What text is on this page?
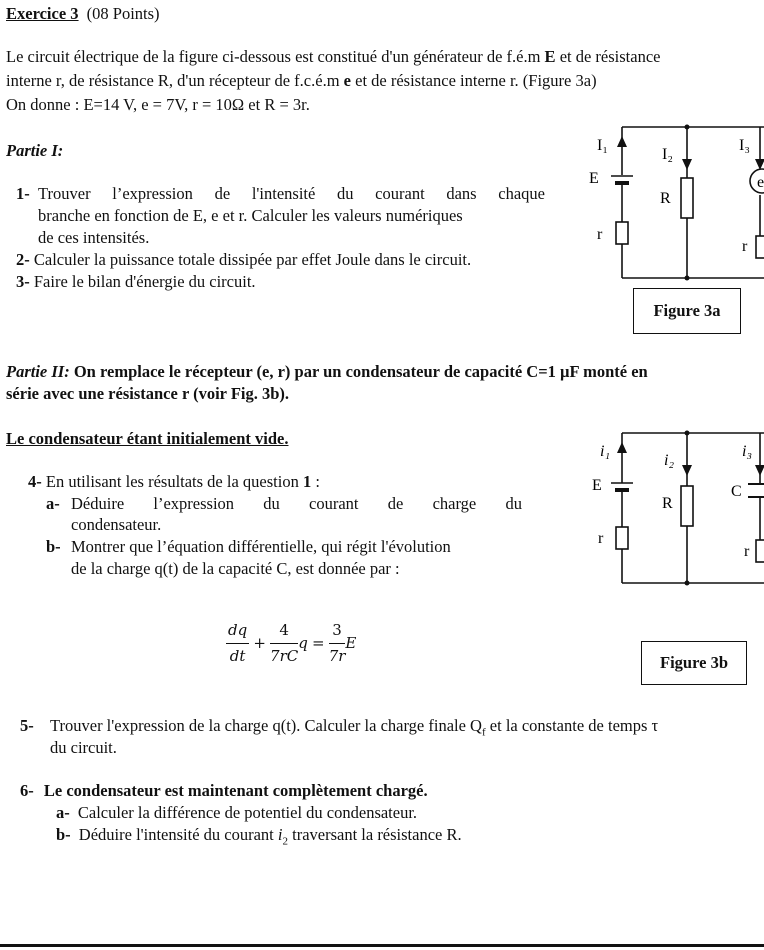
Exercice 3 (08 Points)
Le circuit électrique de la figure ci-dessous est constitué d'un générateur de f.é.m E et de résistance
interne r, de résistance R, d'un récepteur de f.c.é.m e et de résistance interne r. (Figure 3a)
On donne : E=14 V, e = 7V, r = 10Ω et R = 3r.
Partie I:
1- Trouver l’expression de l'intensité du courant dans chaque
branche en fonction de E, e et r. Calculer les valeurs numériques
de ces intensités.
2- Calculer la puissance totale dissipée par effet Joule dans le circuit.
3- Faire le bilan d'énergie du circuit.
I₁
I₂
I₃
E
R
r
r
e
Figure 3a
Partie II: On remplace le récepteur (e, r) par un condensateur de capacité C=1 µF monté en
série avec une résistance r (voir Fig. 3b).
Le condensateur étant initialement vide.
4- En utilisant les résultats de la question 1 :
a- Déduire l’expression du courant de charge du
condensateur.
b- Montrer que l’équation différentielle, qui régit l'évolution
de la charge q(t) de la capacité C, est donnée par :
$\frac{dq}{dt} + \frac{4}{7rC}$ $q = \frac{3}{7r}$ E
i₁
i₂
i₃
E
R
r
r
C
Figure 3b
5- Trouver l'expression de la charge q(t). Calculer la charge finale $Q_f$ et la constante de temps τ
du circuit.
6- Le condensateur est maintenant complètement chargé.
a- Calculer la différence de potentiel du condensateur.
b- Déduire l'intensité du courant $i_2$ traversant la résistance R.
